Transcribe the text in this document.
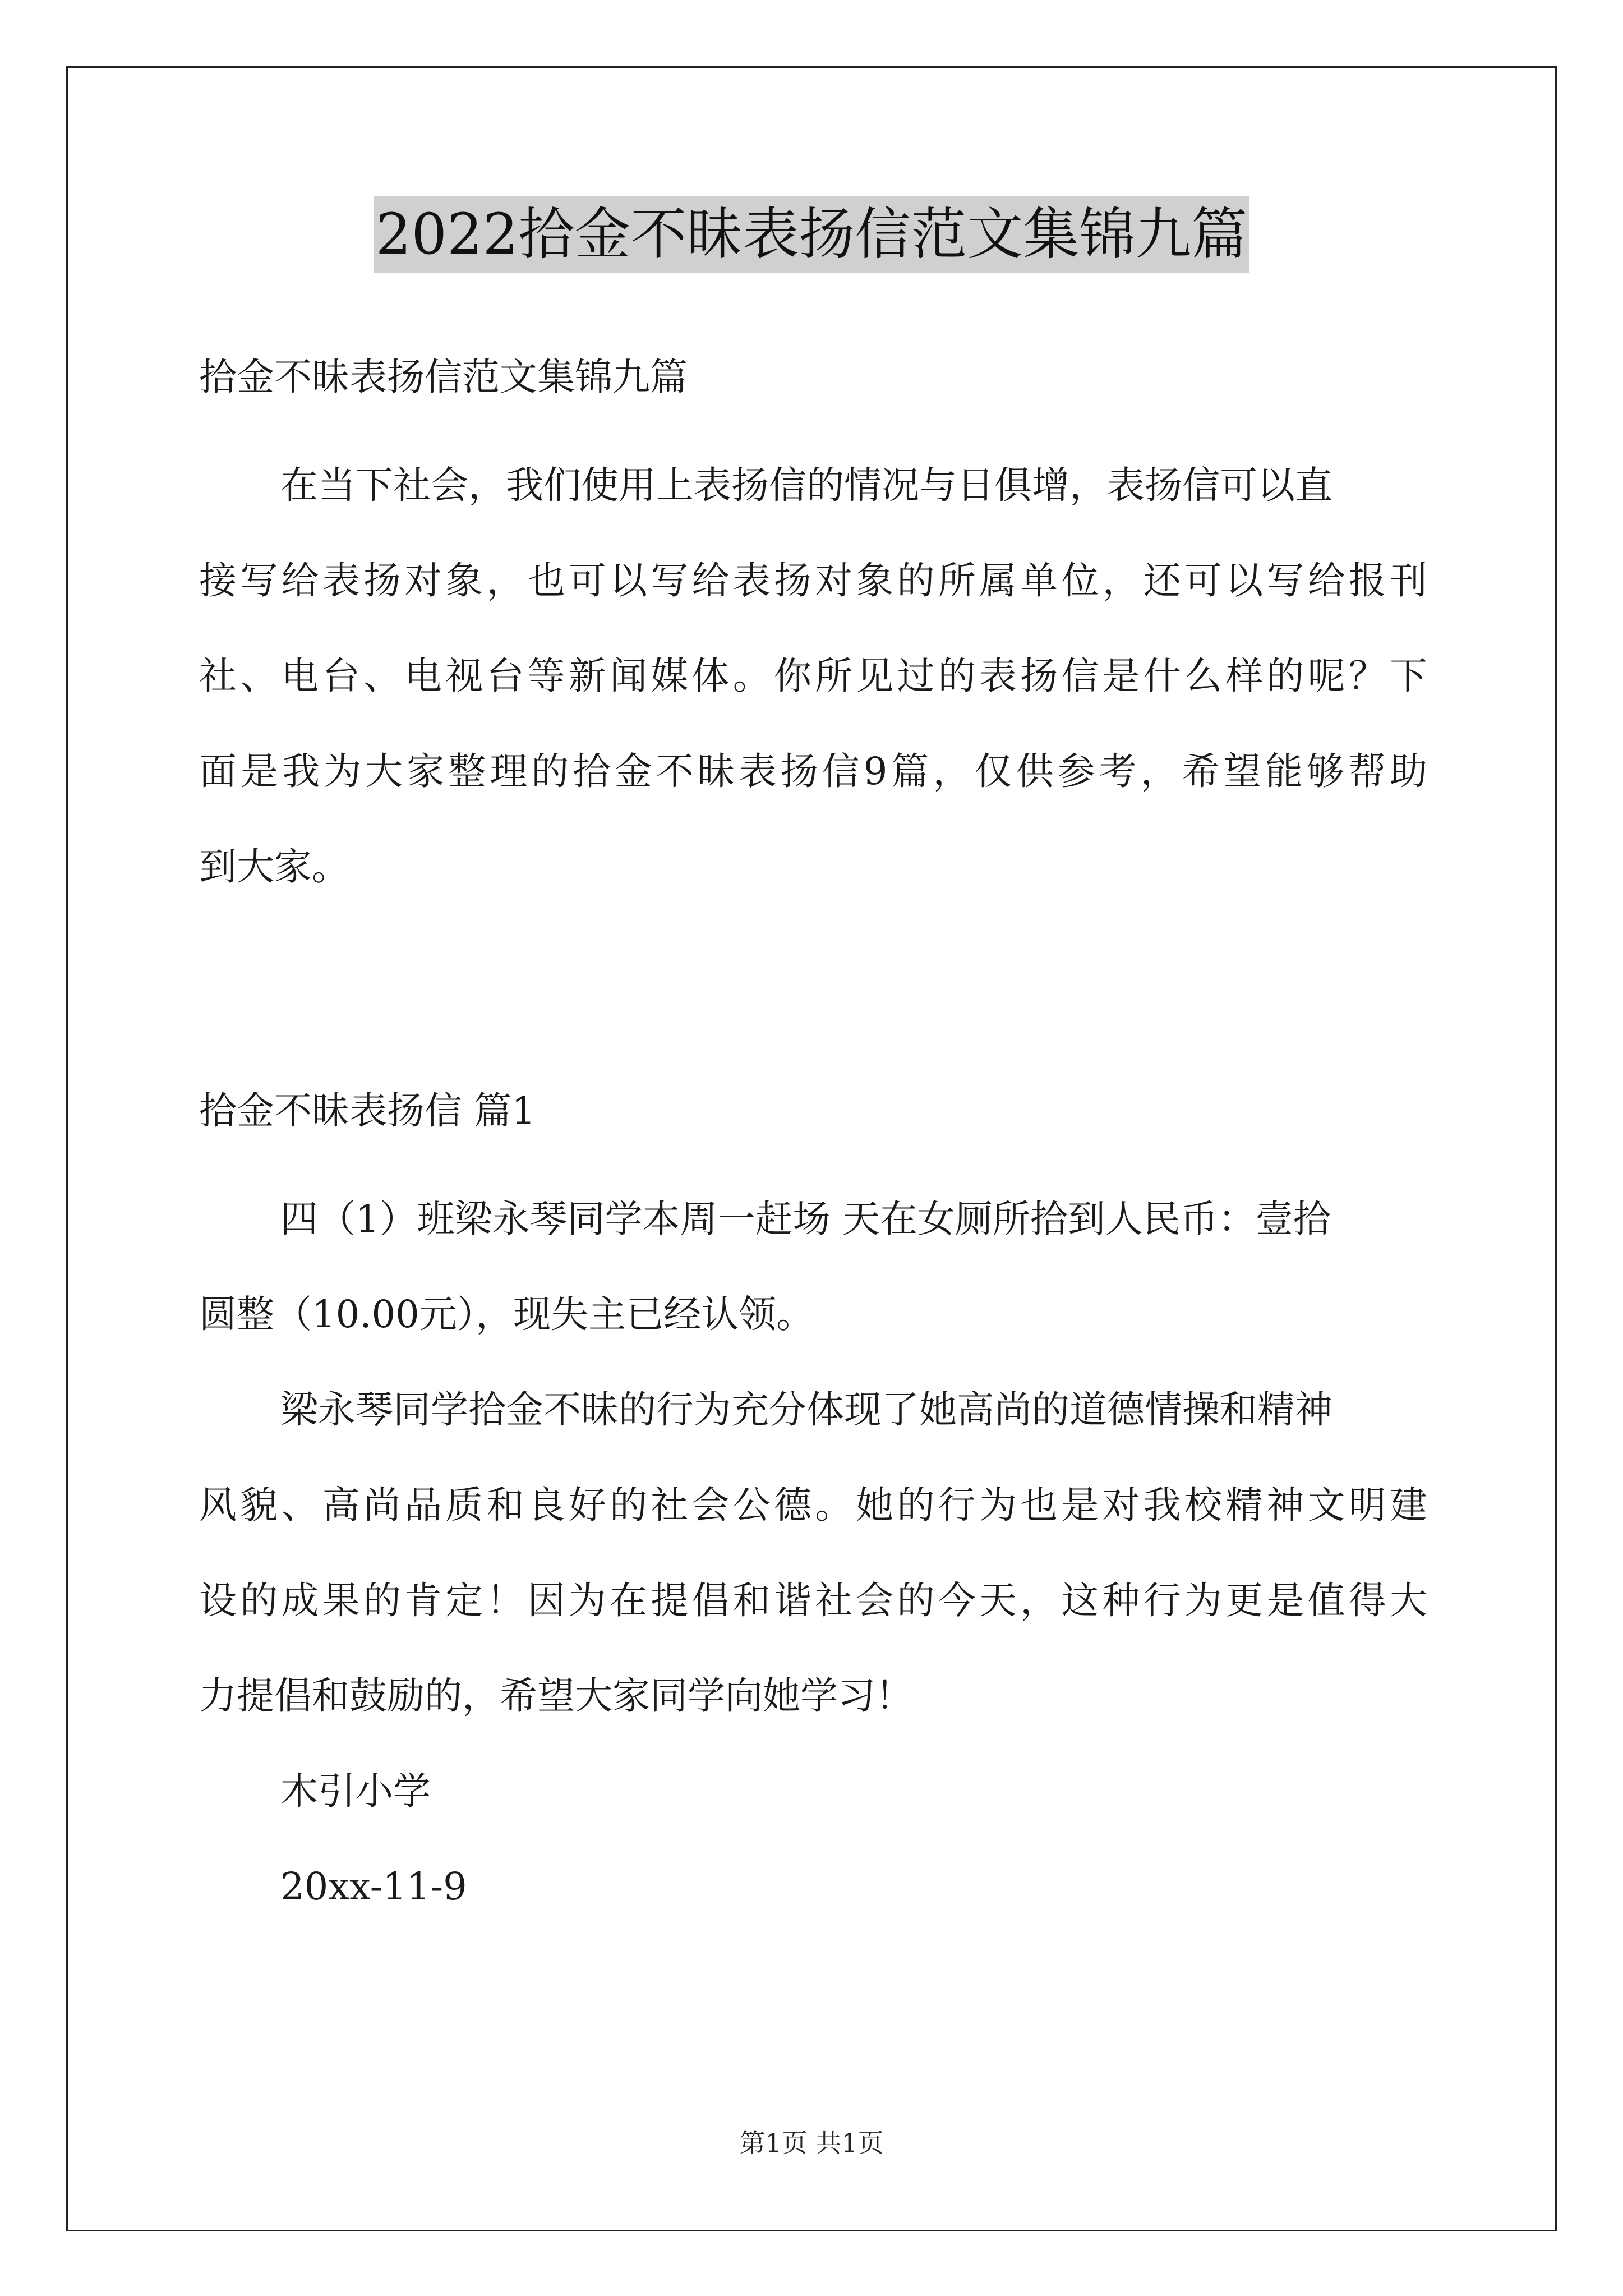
2022拾金不昧表扬信范文集锦九篇
拾金不昧表扬信范文集锦九篇
在当下社会，我们使用上表扬信的情况与日俱增，表扬信可以直
接写给表扬对象，也可以写给表扬对象的所属单位，还可以写给报刊
社、电台、电视台等新闻媒体。你所见过的表扬信是什么样的呢？下
面是我为大家整理的拾金不昧表扬信9篇，仅供参考，希望能够帮助
到大家。
拾金不昧表扬信 篇1
四（1）班梁永琴同学本周一赶场 天在女厕所拾到人民币：壹拾
圆整（10.00元），现失主已经认领。
梁永琴同学拾金不昧的行为充分体现了她高尚的道德情操和精神
风貌、高尚品质和良好的社会公德。她的行为也是对我校精神文明建
设的成果的肯定！因为在提倡和谐社会的今天，这种行为更是值得大
力提倡和鼓励的，希望大家同学向她学习！
木引小学
20xx-11-9
第1页 共1页
